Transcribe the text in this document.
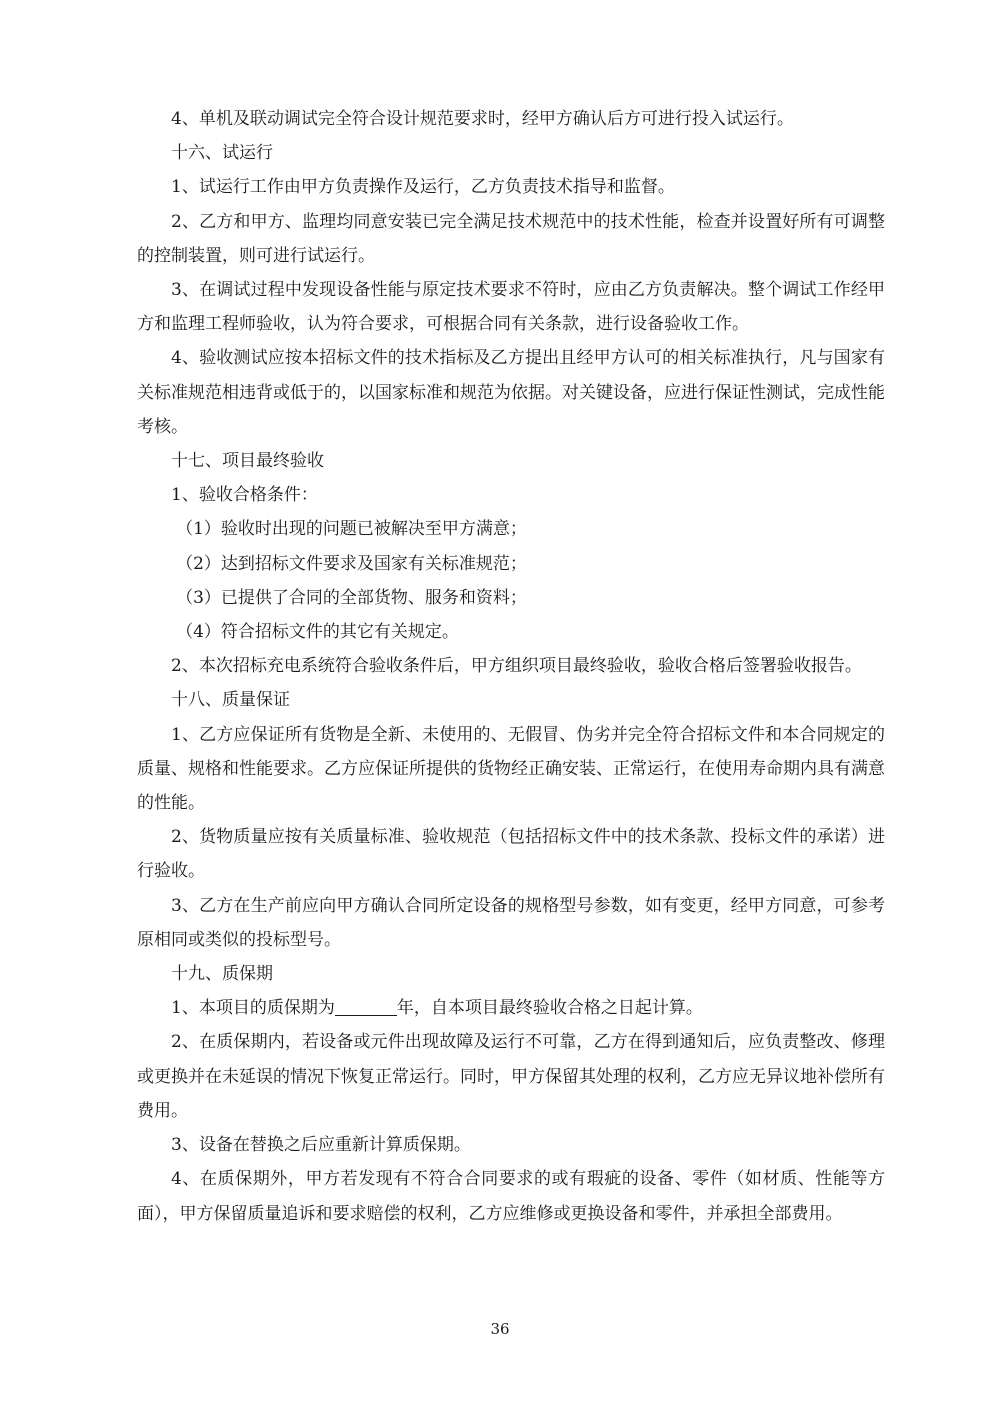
4、单机及联动调试完全符合设计规范要求时，经甲方确认后方可进行投入试运行。

十六、试运行

1、试运行工作由甲方负责操作及运行，乙方负责技术指导和监督。

2、乙方和甲方、监理均同意安装已完全满足技术规范中的技术性能，检查并设置好所有可调整的控制装置，则可进行试运行。

3、在调试过程中发现设备性能与原定技术要求不符时，应由乙方负责解决。整个调试工作经甲方和监理工程师验收，认为符合要求，可根据合同有关条款，进行设备验收工作。

4、验收测试应按本招标文件的技术指标及乙方提出且经甲方认可的相关标准执行，凡与国家有关标准规范相违背或低于的，以国家标准和规范为依据。对关键设备，应进行保证性测试，完成性能考核。

十七、项目最终验收

1、验收合格条件：

（1）验收时出现的问题已被解决至甲方满意；

（2）达到招标文件要求及国家有关标准规范；

（3）已提供了合同的全部货物、服务和资料；

（4）符合招标文件的其它有关规定。

2、本次招标充电系统符合验收条件后，甲方组织项目最终验收，验收合格后签署验收报告。

十八、质量保证

1、乙方应保证所有货物是全新、未使用的、无假冒、伪劣并完全符合招标文件和本合同规定的质量、规格和性能要求。乙方应保证所提供的货物经正确安装、正常运行，在使用寿命期内具有满意的性能。

2、货物质量应按有关质量标准、验收规范（包括招标文件中的技术条款、投标文件的承诺）进行验收。

3、乙方在生产前应向甲方确认合同所定设备的规格型号参数，如有变更，经甲方同意，可参考原相同或类似的投标型号。

十九、质保期

1、本项目的质保期为	年，自本项目最终验收合格之日起计算。

2、在质保期内，若设备或元件出现故障及运行不可靠，乙方在得到通知后，应负责整改、修理或更换并在未延误的情况下恢复正常运行。同时，甲方保留其处理的权利，乙方应无异议地补偿所有费用。

3、设备在替换之后应重新计算质保期。

4、在质保期外，甲方若发现有不符合合同要求的或有瑕疵的设备、零件（如材质、性能等方面），甲方保留质量追诉和要求赔偿的权利，乙方应维修或更换设备和零件，并承担全部费用。

36
